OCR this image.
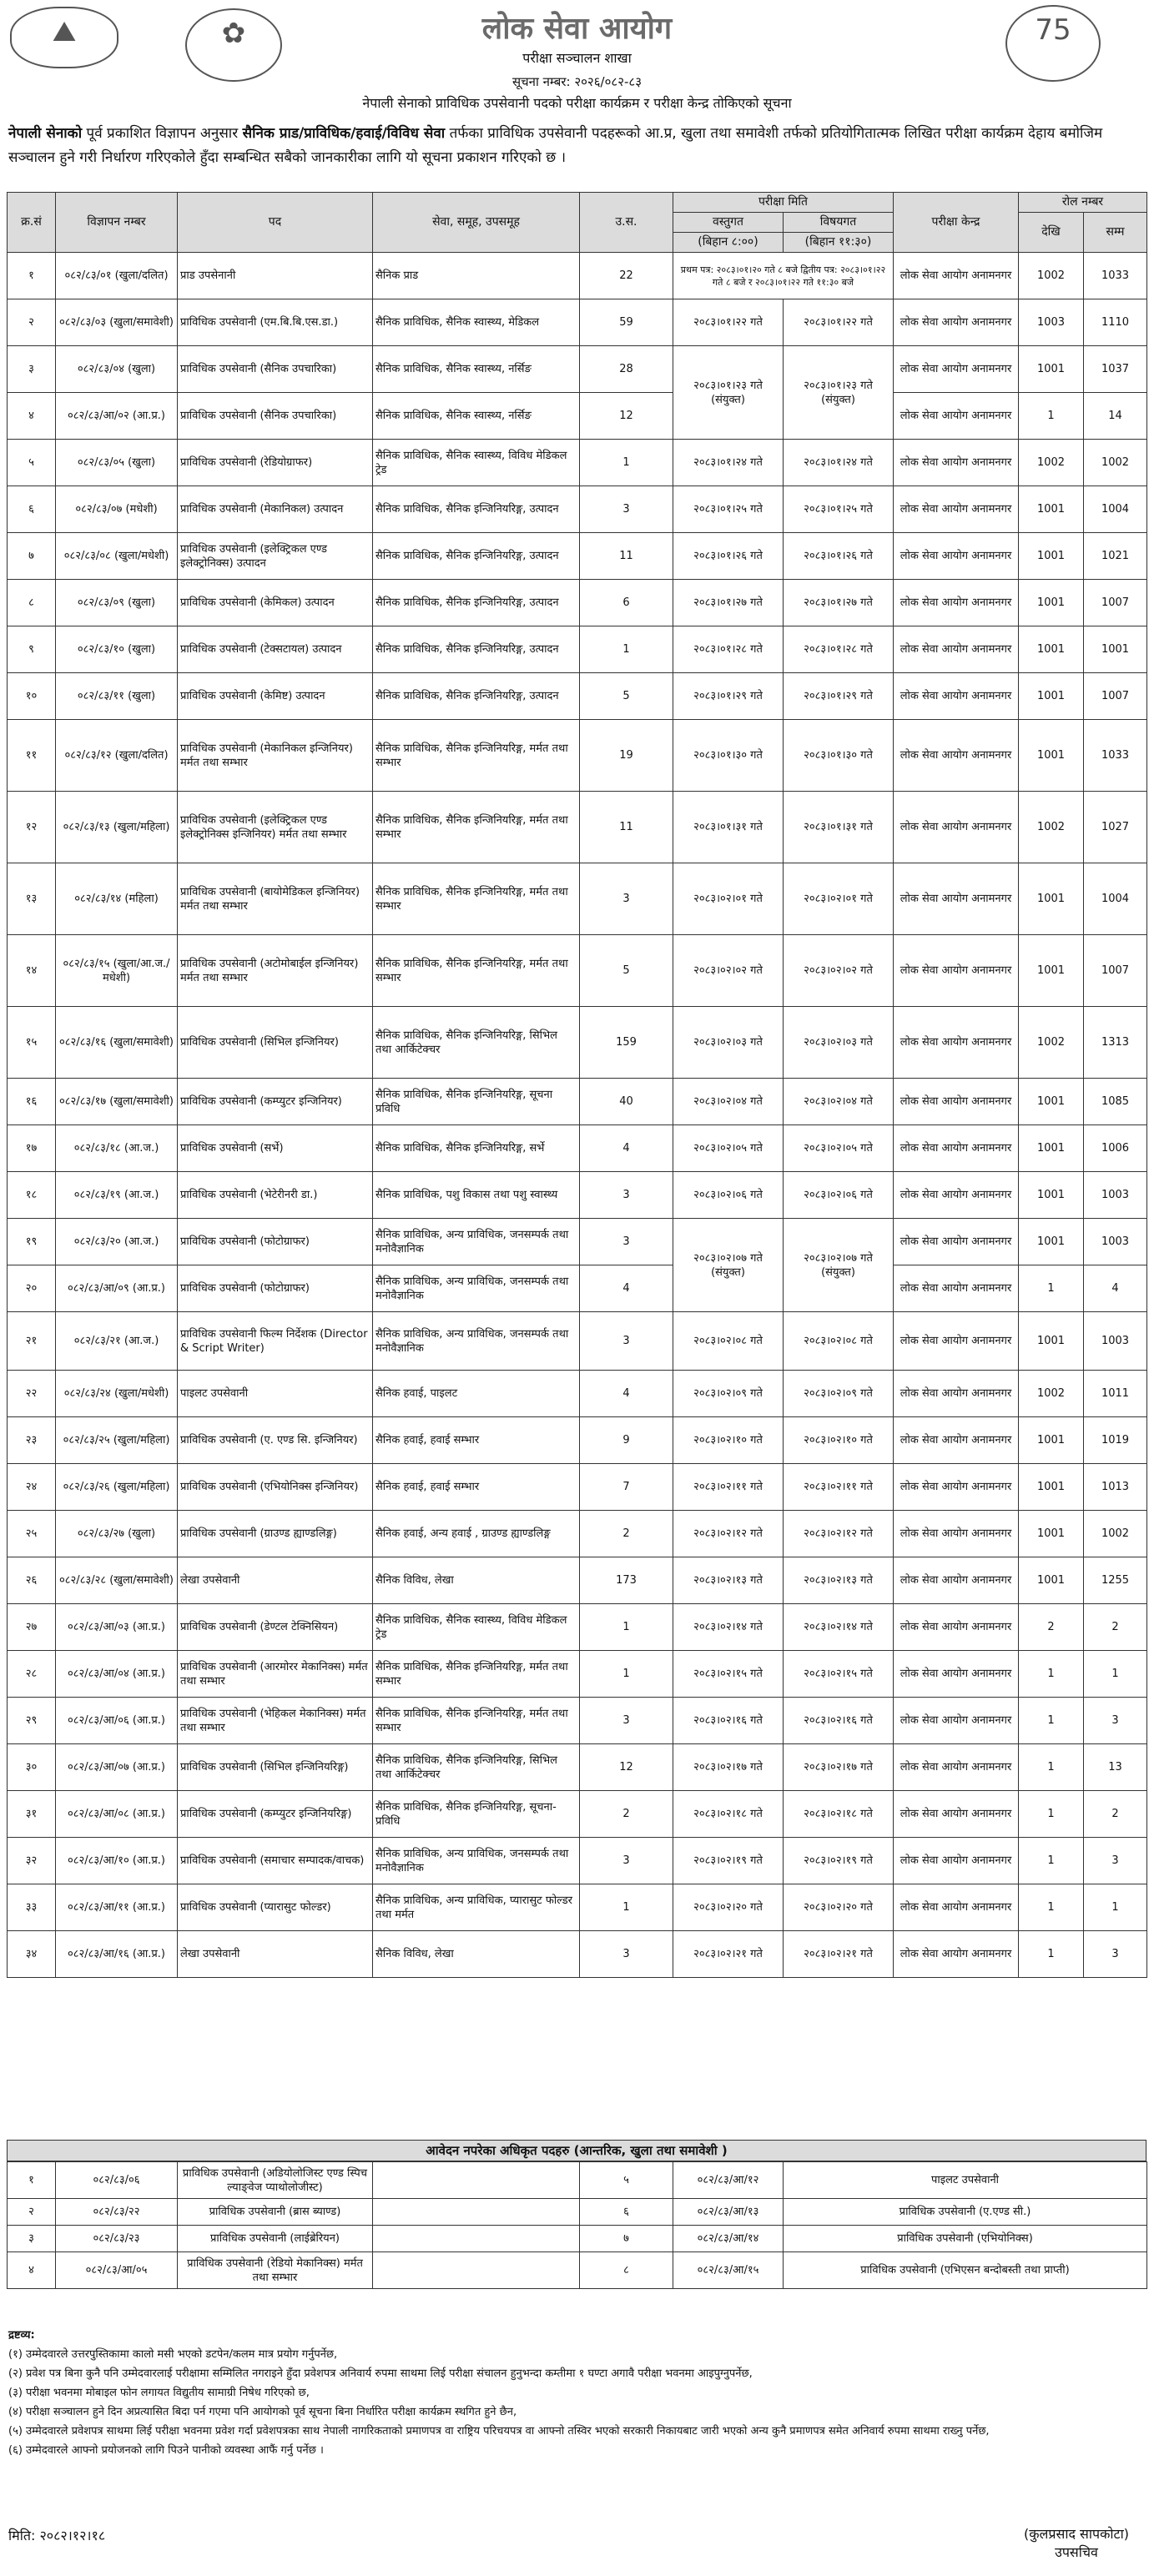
⛰	✿	75
लोक सेवा आयोग
परीक्षा सञ्चालन शाखा
सूचना नम्बर: २०२६/०८२-८३
नेपाली सेनाको प्राविधिक उपसेवानी पदको परीक्षा कार्यक्रम र परीक्षा केन्द्र तोकिएको सूचना
नेपाली सेनाको पूर्व प्रकाशित विज्ञापन अनुसार सैनिक प्राड/प्राविधिक/हवाई/विविध सेवा तर्फका प्राविधिक उपसेवानी पदहरूको आ.प्र, खुला तथा समावेशी तर्फको प्रतियोगितात्मक लिखित परीक्षा कार्यक्रम देहाय बमोजिम सञ्चालन हुने गरी निर्धारण गरिएकोले हुँदा सम्बन्धित सबैको जानकारीका लागि यो सूचना प्रकाशन गरिएको छ ।
क्र.सं	विज्ञापन नम्बर	पद	सेवा, समूह, उपसमूह	उ.स.	परीक्षा मिति		परीक्षा केन्द्र	रोल नम्बर	
					वस्तुगत	विषयगत		देखि	सम्म
					(बिहान ८:००)	(बिहान ११:३०)			
१	०८२/८३/०१ (खुला/दलित)	प्राड उपसेनानी	सैनिक प्राड	22	प्रथम पत्र: २०८३।०१।२० गते ८ बजे द्वितीय पत्र: २०८३।०१।२२ गते ८ बजे र २०८३।०१।२२ गते ११:३० बजे		लोक सेवा आयोग अनामनगर	1002	1033
२	०८२/८३/०३ (खुला/समावेशी)	प्राविधिक उपसेवानी (एम.बि.बि.एस.डा.)	सैनिक प्राविधिक, सैनिक स्वास्थ्य, मेडिकल	59	२०८३।०१।२२ गते	२०८३।०१।२२ गते	लोक सेवा आयोग अनामनगर	1003	1110
३	०८२/८३/०४ (खुला)	प्राविधिक उपसेवानी (सैनिक उपचारिका)	सैनिक प्राविधिक, सैनिक स्वास्थ्य, नर्सिङ	28	२०८३।०१।२३ गते (संयुक्त)	२०८३।०१।२३ गते (संयुक्त)	लोक सेवा आयोग अनामनगर	1001	1037
४	०८२/८३/आ/०२ (आ.प्र.)	प्राविधिक उपसेवानी (सैनिक उपचारिका)	सैनिक प्राविधिक, सैनिक स्वास्थ्य, नर्सिङ	12			लोक सेवा आयोग अनामनगर	1	14
५	०८२/८३/०५ (खुला)	प्राविधिक उपसेवानी (रेडियोग्राफर)	सैनिक प्राविधिक, सैनिक स्वास्थ्य, विविध मेडिकल ट्रेड	1	२०८३।०१।२४ गते	२०८३।०१।२४ गते	लोक सेवा आयोग अनामनगर	1002	1002
६	०८२/८३/०७ (मधेशी)	प्राविधिक उपसेवानी (मेकानिकल) उत्पादन	सैनिक प्राविधिक, सैनिक इन्जिनियरिङ्ग, उत्पादन	3	२०८३।०१।२५ गते	२०८३।०१।२५ गते	लोक सेवा आयोग अनामनगर	1001	1004
७	०८२/८३/०८ (खुला/मधेशी)	प्राविधिक उपसेवानी (इलेक्ट्रिकल एण्ड इलेक्ट्रोनिक्स) उत्पादन	सैनिक प्राविधिक, सैनिक इन्जिनियरिङ्ग, उत्पादन	11	२०८३।०१।२६ गते	२०८३।०१।२६ गते	लोक सेवा आयोग अनामनगर	1001	1021
८	०८२/८३/०९ (खुला)	प्राविधिक उपसेवानी (केमिकल) उत्पादन	सैनिक प्राविधिक, सैनिक इन्जिनियरिङ्ग, उत्पादन	6	२०८३।०१।२७ गते	२०८३।०१।२७ गते	लोक सेवा आयोग अनामनगर	1001	1007
९	०८२/८३/१० (खुला)	प्राविधिक उपसेवानी (टेक्सटायल) उत्पादन	सैनिक प्राविधिक, सैनिक इन्जिनियरिङ्ग, उत्पादन	1	२०८३।०१।२८ गते	२०८३।०१।२८ गते	लोक सेवा आयोग अनामनगर	1001	1001
१०	०८२/८३/११ (खुला)	प्राविधिक उपसेवानी (केमिष्ट) उत्पादन	सैनिक प्राविधिक, सैनिक इन्जिनियरिङ्ग, उत्पादन	5	२०८३।०१।२९ गते	२०८३।०१।२९ गते	लोक सेवा आयोग अनामनगर	1001	1007
११	०८२/८३/१२ (खुला/दलित)	प्राविधिक उपसेवानी (मेकानिकल इन्जिनियर) मर्मत तथा सम्भार	सैनिक प्राविधिक, सैनिक इन्जिनियरिङ्ग, मर्मत तथा सम्भार	19	२०८३।०१।३० गते	२०८३।०१।३० गते	लोक सेवा आयोग अनामनगर	1001	1033
१२	०८२/८३/१३ (खुला/महिला)	प्राविधिक उपसेवानी (इलेक्ट्रिकल एण्ड इलेक्ट्रोनिक्स इन्जिनियर) मर्मत तथा सम्भार	सैनिक प्राविधिक, सैनिक इन्जिनियरिङ्ग, मर्मत तथा सम्भार	11	२०८३।०१।३१ गते	२०८३।०१।३१ गते	लोक सेवा आयोग अनामनगर	1002	1027
१३	०८२/८३/१४ (महिला)	प्राविधिक उपसेवानी (बायोमेडिकल इन्जिनियर) मर्मत तथा सम्भार	सैनिक प्राविधिक, सैनिक इन्जिनियरिङ्ग, मर्मत तथा सम्भार	3	२०८३।०२।०१ गते	२०८३।०२।०१ गते	लोक सेवा आयोग अनामनगर	1001	1004
१४	०८२/८३/१५ (खुला/आ.ज./मधेशी)	प्राविधिक उपसेवानी (अटोमोबाईल इन्जिनियर) मर्मत तथा सम्भार	सैनिक प्राविधिक, सैनिक इन्जिनियरिङ्ग, मर्मत तथा सम्भार	5	२०८३।०२।०२ गते	२०८३।०२।०२ गते	लोक सेवा आयोग अनामनगर	1001	1007
१५	०८२/८३/१६ (खुला/समावेशी)	प्राविधिक उपसेवानी (सिभिल इन्जिनियर)	सैनिक प्राविधिक, सैनिक इन्जिनियरिङ्ग, सिभिल तथा आर्किटेक्चर	159	२०८३।०२।०३ गते	२०८३।०२।०३ गते	लोक सेवा आयोग अनामनगर	1002	1313
१६	०८२/८३/१७ (खुला/समावेशी)	प्राविधिक उपसेवानी (कम्प्युटर इन्जिनियर)	सैनिक प्राविधिक, सैनिक इन्जिनियरिङ्ग, सूचना प्रविधि	40	२०८३।०२।०४ गते	२०८३।०२।०४ गते	लोक सेवा आयोग अनामनगर	1001	1085
१७	०८२/८३/१८ (आ.ज.)	प्राविधिक उपसेवानी (सर्भे)	सैनिक प्राविधिक, सैनिक इन्जिनियरिङ्ग, सर्भे	4	२०८३।०२।०५ गते	२०८३।०२।०५ गते	लोक सेवा आयोग अनामनगर	1001	1006
१८	०८२/८३/१९ (आ.ज.)	प्राविधिक उपसेवानी (भेटेरीनरी डा.)	सैनिक प्राविधिक, पशु विकास तथा पशु स्वास्थ्य	3	२०८३।०२।०६ गते	२०८३।०२।०६ गते	लोक सेवा आयोग अनामनगर	1001	1003
१९	०८२/८३/२० (आ.ज.)	प्राविधिक उपसेवानी (फोटोग्राफर)	सैनिक प्राविधिक, अन्य प्राविधिक, जनसम्पर्क तथा मनोवैज्ञानिक	3	२०८३।०२।०७ गते (संयुक्त)	२०८३।०२।०७ गते (संयुक्त)	लोक सेवा आयोग अनामनगर	1001	1003
२०	०८२/८३/आ/०९ (आ.प्र.)	प्राविधिक उपसेवानी (फोटोग्राफर)	सैनिक प्राविधिक, अन्य प्राविधिक, जनसम्पर्क तथा मनोवैज्ञानिक	4			लोक सेवा आयोग अनामनगर	1	4
२१	०८२/८३/२१ (आ.ज.)	प्राविधिक उपसेवानी फिल्म निर्देशक (Director & Script Writer)	सैनिक प्राविधिक, अन्य प्राविधिक, जनसम्पर्क तथा मनोवैज्ञानिक	3	२०८३।०२।०८ गते	२०८३।०२।०८ गते	लोक सेवा आयोग अनामनगर	1001	1003
२२	०८२/८३/२४ (खुला/मधेशी)	पाइलट उपसेवानी	सैनिक हवाई, पाइलट	4	२०८३।०२।०९ गते	२०८३।०२।०९ गते	लोक सेवा आयोग अनामनगर	1002	1011
२३	०८२/८३/२५ (खुला/महिला)	प्राविधिक उपसेवानी (ए. एण्ड सि. इन्जिनियर)	सैनिक हवाई, हवाई सम्भार	9	२०८३।०२।१० गते	२०८३।०२।१० गते	लोक सेवा आयोग अनामनगर	1001	1019
२४	०८२/८३/२६ (खुला/महिला)	प्राविधिक उपसेवानी (एभियोनिक्स इन्जिनियर)	सैनिक हवाई, हवाई सम्भार	7	२०८३।०२।११ गते	२०८३।०२।११ गते	लोक सेवा आयोग अनामनगर	1001	1013
२५	०८२/८३/२७ (खुला)	प्राविधिक उपसेवानी (ग्राउण्ड ह्याण्डलिङ्ग)	सैनिक हवाई, अन्य हवाई , ग्राउण्ड ह्याण्डलिङ्ग	2	२०८३।०२।१२ गते	२०८३।०२।१२ गते	लोक सेवा आयोग अनामनगर	1001	1002
२६	०८२/८३/२८ (खुला/समावेशी)	लेखा उपसेवानी	सैनिक विविध, लेखा	173	२०८३।०२।१३ गते	२०८३।०२।१३ गते	लोक सेवा आयोग अनामनगर	1001	1255
२७	०८२/८३/आ/०३ (आ.प्र.)	प्राविधिक उपसेवानी (डेण्टल टेक्निसियन)	सैनिक प्राविधिक, सैनिक स्वास्थ्य, विविध मेडिकल ट्रेड	1	२०८३।०२।१४ गते	२०८३।०२।१४ गते	लोक सेवा आयोग अनामनगर	2	2
२८	०८२/८३/आ/०४ (आ.प्र.)	प्राविधिक उपसेवानी (आरमोरर मेकानिक्स) मर्मत तथा सम्भार	सैनिक प्राविधिक, सैनिक इन्जिनियरिङ्ग, मर्मत तथा सम्भार	1	२०८३।०२।१५ गते	२०८३।०२।१५ गते	लोक सेवा आयोग अनामनगर	1	1
२९	०८२/८३/आ/०६ (आ.प्र.)	प्राविधिक उपसेवानी (भेहिकल मेकानिक्स) मर्मत तथा सम्भार	सैनिक प्राविधिक, सैनिक इन्जिनियरिङ्ग, मर्मत तथा सम्भार	3	२०८३।०२।१६ गते	२०८३।०२।१६ गते	लोक सेवा आयोग अनामनगर	1	3
३०	०८२/८३/आ/०७ (आ.प्र.)	प्राविधिक उपसेवानी (सिभिल इन्जिनियरिङ्ग)	सैनिक प्राविधिक, सैनिक इन्जिनियरिङ्ग, सिभिल तथा आर्किटेक्चर	12	२०८३।०२।१७ गते	२०८३।०२।१७ गते	लोक सेवा आयोग अनामनगर	1	13
३१	०८२/८३/आ/०८ (आ.प्र.)	प्राविधिक उपसेवानी (कम्प्युटर इन्जिनियरिङ्ग)	सैनिक प्राविधिक, सैनिक इन्जिनियरिङ्ग, सूचना-प्रविधि	2	२०८३।०२।१८ गते	२०८३।०२।१८ गते	लोक सेवा आयोग अनामनगर	1	2
३२	०८२/८३/आ/१० (आ.प्र.)	प्राविधिक उपसेवानी (समाचार सम्पादक/वाचक)	सैनिक प्राविधिक, अन्य प्राविधिक, जनसम्पर्क तथा मनोवैज्ञानिक	3	२०८३।०२।१९ गते	२०८३।०२।१९ गते	लोक सेवा आयोग अनामनगर	1	3
३३	०८२/८३/आ/११ (आ.प्र.)	प्राविधिक उपसेवानी (प्यारासुट फोल्डर)	सैनिक प्राविधिक, अन्य प्राविधिक, प्यारासुट फोल्डर तथा मर्मत	1	२०८३।०२।२० गते	२०८३।०२।२० गते	लोक सेवा आयोग अनामनगर	1	1
३४	०८२/८३/आ/१६ (आ.प्र.)	लेखा उपसेवानी	सैनिक विविध, लेखा	3	२०८३।०२।२१ गते	२०८३।०२।२१ गते	लोक सेवा आयोग अनामनगर	1	3
आवेदन नपरेका अधिकृत पदहरु (आन्तरिक, खुला तथा समावेशी )
१	०८२/८३/०६	प्राविधिक उपसेवानी (अडियोलोजिस्ट एण्ड स्पिच ल्याङ्वेज प्याथोलोजीस्ट)		५	०८२/८३/आ/१२	पाइलट उपसेवानी
२	०८२/८३/२२	प्राविधिक उपसेवानी (ब्रास ब्याण्ड)		६	०८२/८३/आ/१३	प्राविधिक उपसेवानी (ए.एण्ड सी.)
३	०८२/८३/२३	प्राविधिक उपसेवानी (लाईब्रेरियन)		७	०८२/८३/आ/१४	प्राविधिक उपसेवानी (एभियोनिक्स)
४	०८२/८३/आ/०५	प्राविधिक उपसेवानी (रेडियो मेकानिक्स) मर्मत तथा सम्भार		८	०८२/८३/आ/१५	प्राविधिक उपसेवानी (एभिएसन बन्दोबस्ती तथा प्राप्ती)
द्रष्टव्य:
(१) उम्मेदवारले उत्तरपुस्तिकामा कालो मसी भएको डटपेन/कलम मात्र प्रयोग गर्नुपर्नेछ,
(२) प्रवेश पत्र बिना कुनै पनि उम्मेदवारलाई परीक्षामा सम्मिलित नगराइने हुँदा प्रवेशपत्र अनिवार्य रुपमा साथमा लिई परीक्षा संचालन हुनुभन्दा कम्तीमा १ घण्टा अगावै परीक्षा भवनमा आइपुग्नुपर्नेछ,
(३) परीक्षा भवनमा मोबाइल फोन लगायत विद्युतीय सामाग्री निषेध गरिएको छ,
(४) परीक्षा सञ्चालन हुने दिन अप्रत्यासित बिदा पर्न गएमा पनि आयोगको पूर्व सूचना बिना निर्धारित परीक्षा कार्यक्रम स्थगित हुने छैन,
(५) उम्मेदवारले प्रवेशपत्र साथमा लिई परीक्षा भवनमा प्रवेश गर्दा प्रवेशपत्रका साथ नेपाली नागरिकताको प्रमाणपत्र वा राष्ट्रिय परिचयपत्र वा आफ्नो तस्विर भएको सरकारी निकायबाट जारी भएको अन्य कुनै प्रमाणपत्र समेत अनिवार्य रुपमा साथमा राख्नु पर्नेछ,
(६) उम्मेदवारले आफ्नो प्रयोजनको लागि पिउने पानीको व्यवस्था आफैं गर्नु पर्नेछ ।
मिति: २०८२।१२।१८	(कुलप्रसाद सापकोटा)
उपसचिव
